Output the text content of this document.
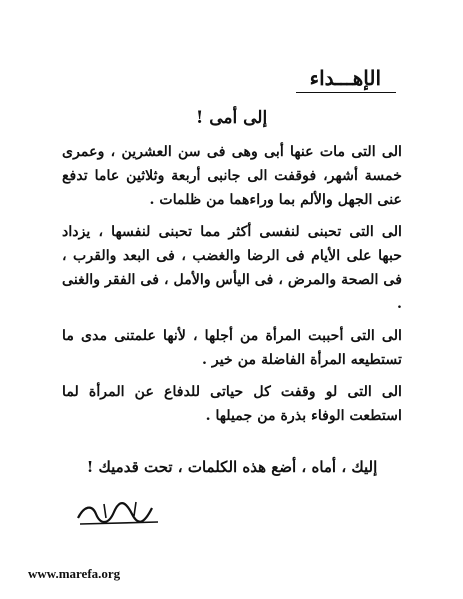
الإهـــداء
إلى أمى !

الى التى مات عنها أبى وهى فى سن العشرين ، وعمرى خمسة أشهر، فوقفت الى جانبى أربعة وثلاثين عاما تدفع عنى الجهل والألم بما وراءهما من ظلمات .

الى التى تحبنى لنفسى أكثر مما تحبنى لنفسها ، يزداد حبها على الأيام فى الرضا والغضب ، فى البعد والقرب ، فى الصحة والمرض ، فى اليأس والأمل ، فى الفقر والغنى .

الى التى أحببت المرأة من أجلها ، لأنها علمتنى مدى ما تستطيعه المرأة الفاضلة من خير .

الى التى لو وقفت كل حياتى للدفاع عن المرأة لما استطعت الوفاء بذرة من جميلها .

إليك ، أماه ، أضع هذه الكلمات ، تحت قدميك !
www.marefa.org
